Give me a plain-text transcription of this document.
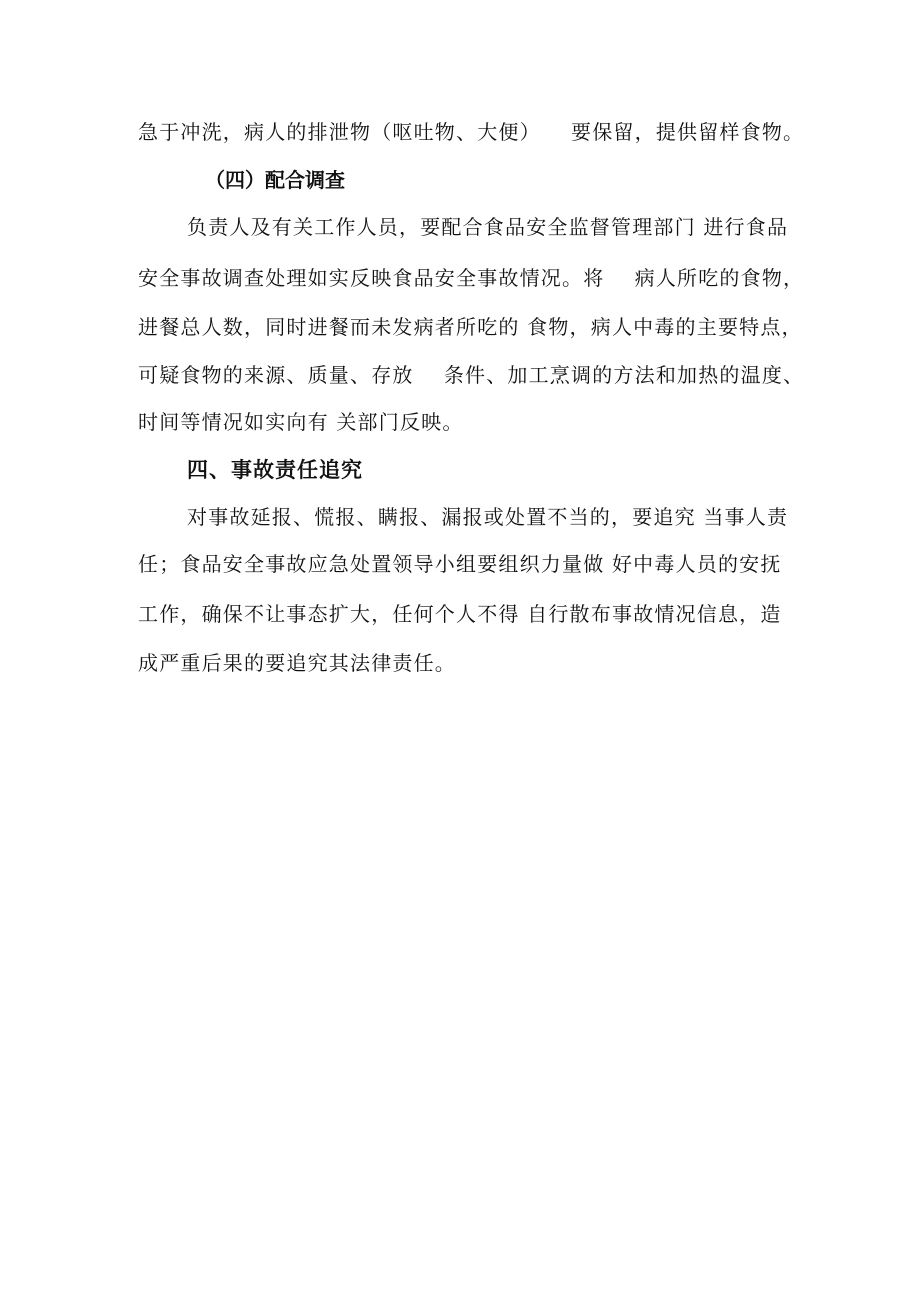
急于冲洗，病人的排泄物（呕吐物、大便）    要保留，提供留样食物。
（四）配合调查
负责人及有关工作人员，要配合食品安全监督管理部门 进行食品
安全事故调查处理如实反映食品安全事故情况。将    病人所吃的食物，
进餐总人数，同时进餐而未发病者所吃的 食物，病人中毒的主要特点，
可疑食物的来源、质量、存放    条件、加工烹调的方法和加热的温度、
时间等情况如实向有 关部门反映。
四、事故责任追究
对事故延报、慌报、瞒报、漏报或处置不当的，要追究 当事人责
任；食品安全事故应急处置领导小组要组织力量做 好中毒人员的安抚
工作，确保不让事态扩大，任何个人不得 自行散布事故情况信息，造
成严重后果的要追究其法律责任。
